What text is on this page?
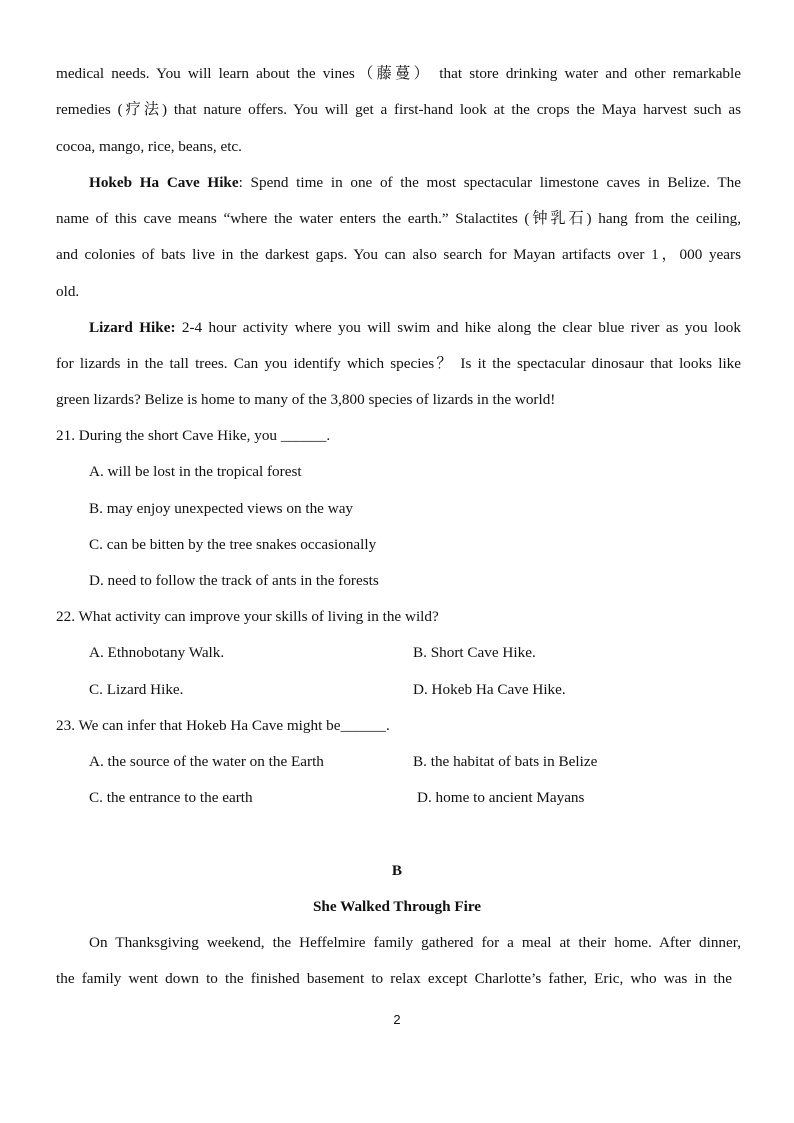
medical needs. You will learn about the vines（藤蔓） that store drinking water and other remarkable
remedies (疗法) that nature offers. You will get a first-hand look at the crops the Maya harvest such as
cocoa, mango, rice, beans, etc.
Hokeb Ha Cave Hike: Spend time in one of the most spectacular limestone caves in Belize. The
name of this cave means “where the water enters the earth.” Stalactites (钟乳石) hang from the ceiling,
and colonies of bats live in the darkest gaps. You can also search for Mayan artifacts over 1，000 years
old.
Lizard Hike: 2-4 hour activity where you will swim and hike along the clear blue river as you look
for lizards in the tall trees. Can you identify which species？ Is it the spectacular dinosaur that looks like
green lizards? Belize is home to many of the 3,800 species of lizards in the world!
21. During the short Cave Hike, you ______.
A. will be lost in the tropical forest
B. may enjoy unexpected views on the way
C. can be bitten by the tree snakes occasionally
D. need to follow the track of ants in the forests
22. What activity can improve your skills of living in the wild?
A. Ethnobotany Walk.	B. Short Cave Hike.
C. Lizard Hike.	D. Hokeb Ha Cave Hike.
23. We can infer that Hokeb Ha Cave might be______.
A. the source of the water on the Earth	B. the habitat of bats in Belize
C. the entrance to the earth	D. home to ancient Mayans
B
She Walked Through Fire
On Thanksgiving weekend, the Heffelmire family gathered for a meal at their home. After dinner,
the family went down to the finished basement to relax except Charlotte’s father, Eric, who was in the
2
